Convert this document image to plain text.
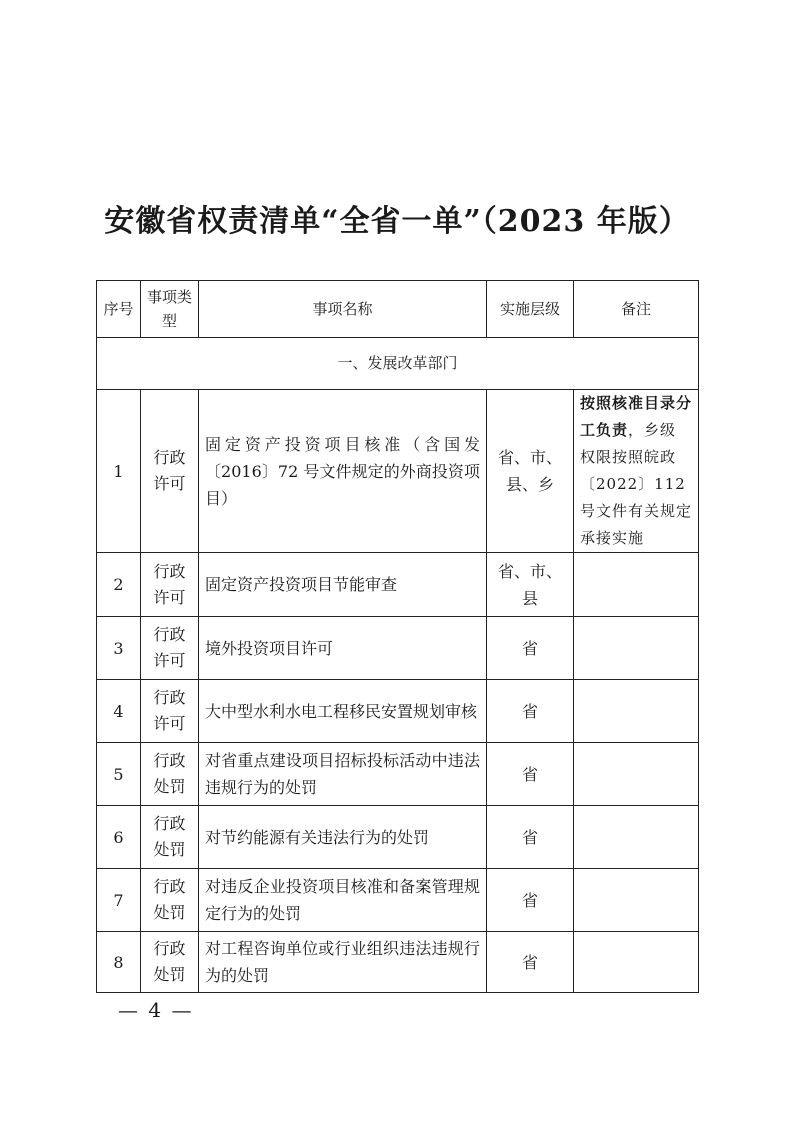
安徽省权责清单“全省一单”（2023 年版）
序号	事项类型	事项名称	实施层级	备注
一、发展改革部门				
1	行政许可	固定资产投资项目核准（含国发〔2016〕72 号文件规定的外商投资项目）	省、市、县、乡	按照核准目录分工负责，乡级权限按照皖政〔2022〕112 号文件有关规定承接实施
2	行政许可	固定资产投资项目节能审查	省、市、县	
3	行政许可	境外投资项目许可	省	
4	行政许可	大中型水利水电工程移民安置规划审核	省	
5	行政处罚	对省重点建设项目招标投标活动中违法违规行为的处罚	省	
6	行政处罚	对节约能源有关违法行为的处罚	省	
7	行政处罚	对违反企业投资项目核准和备案管理规定行为的处罚	省	
8	行政处罚	对工程咨询单位或行业组织违法违规行为的处罚	省	
— 4 —
